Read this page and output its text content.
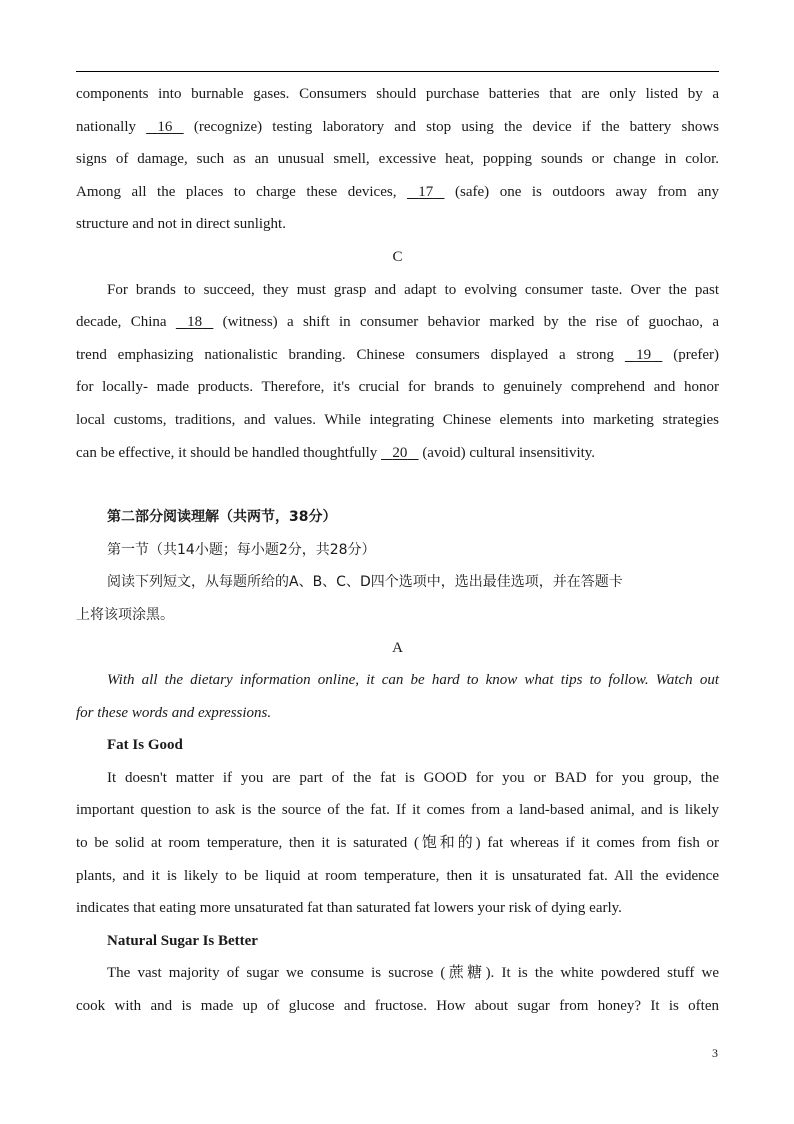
components into burnable gases. Consumers should purchase batteries that are only listed by a
nationally    16    (recognize) testing laboratory and stop using the device if the battery shows
signs of damage, such as an unusual smell, excessive heat, popping sounds or change in color.
Among all the places to charge these devices,    17    (safe) one is outdoors away from any
structure and not in direct sunlight.
C
For brands to succeed, they must grasp and adapt to evolving consumer taste. Over the past
decade, China    18    (witness) a shift in consumer behavior marked by the rise of guochao, a
trend emphasizing nationalistic branding. Chinese consumers displayed a strong    19    (prefer)
for locally- made products. Therefore, it's crucial for brands to genuinely comprehend and honor
local customs, traditions, and values. While integrating Chinese elements into marketing strategies
can be effective, it should be handled thoughtfully    20    (avoid) cultural insensitivity.
第二部分阅读理解（共两节，38分）
第一节（共14小题；每小题2分，共28分）
阅读下列短文，从每题所给的A、B、C、D四个选项中，选出最佳选项，并在答题卡
上将该项涂黑。
A
With all the dietary information online, it can be hard to know what tips to follow. Watch out
for these words and expressions.
Fat Is Good
It doesn't matter if you are part of the fat is GOOD for you or BAD for you group, the
important question to ask is the source of the fat. If it comes from a land-based animal, and is likely
to be solid at room temperature, then it is saturated (饱和的) fat whereas if it comes from fish or
plants, and it is likely to be liquid at room temperature, then it is unsaturated fat. All the evidence
indicates that eating more unsaturated fat than saturated fat lowers your risk of dying early.
Natural Sugar Is Better
The vast majority of sugar we consume is sucrose (蔗糖). It is the white powdered stuff we
cook with and is made up of glucose and fructose. How about sugar from honey? It is often
3
